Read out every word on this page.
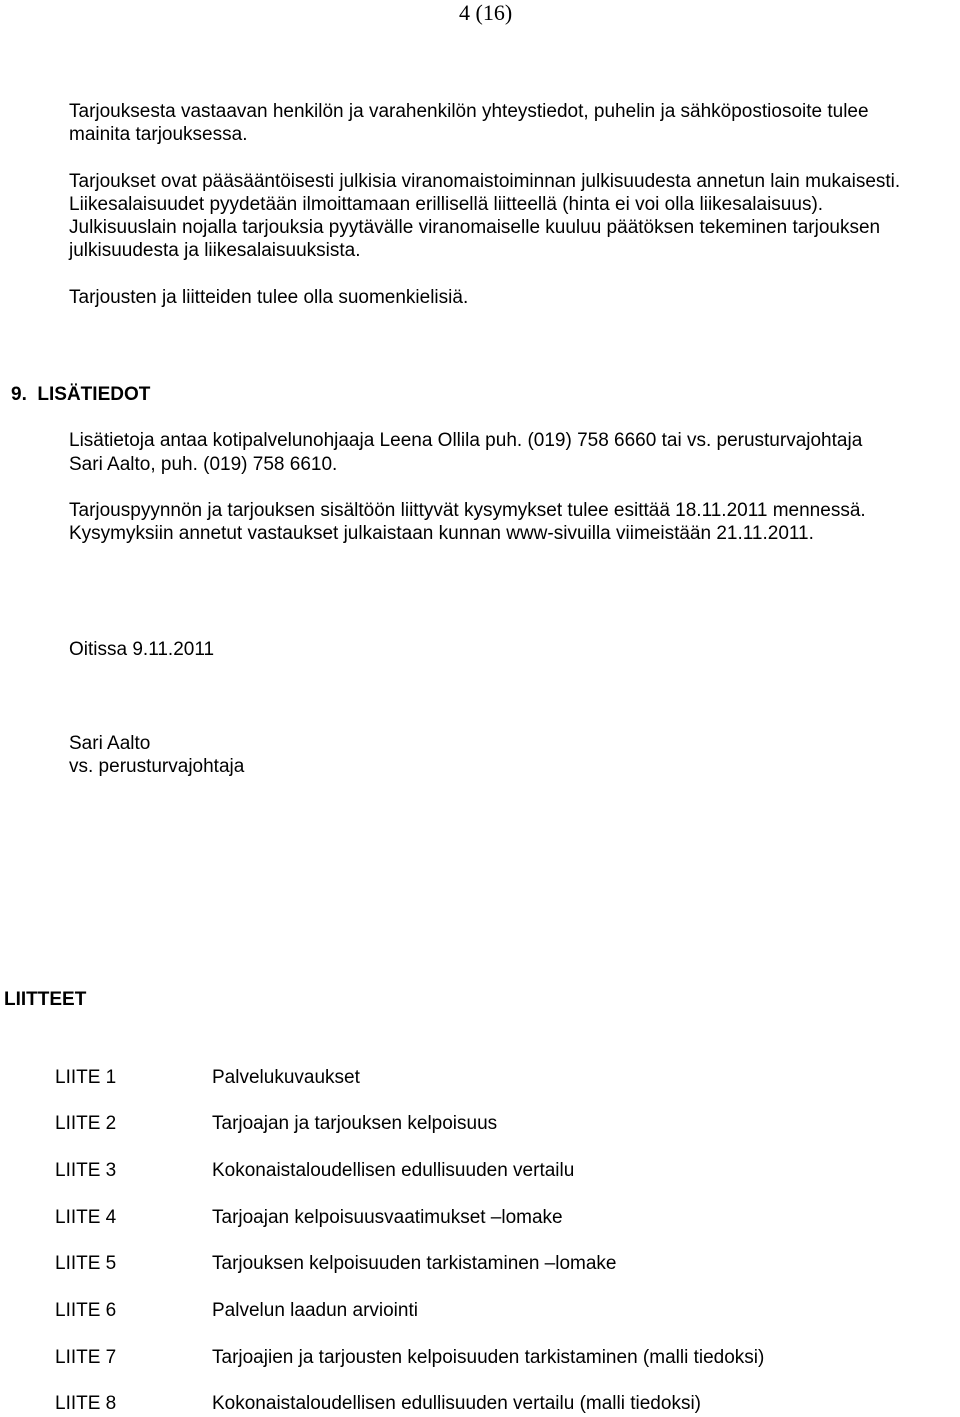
4 (16)
Tarjouksesta vastaavan henkilön ja varahenkilön yhteystiedot, puhelin ja sähköpostiosoite tulee
mainita tarjouksessa.
Tarjoukset ovat pääsääntöisesti julkisia viranomaistoiminnan julkisuudesta annetun lain mukaisesti.
Liikesalaisuudet pyydetään ilmoittamaan erillisellä liitteellä (hinta ei voi olla liikesalaisuus).
Julkisuuslain nojalla tarjouksia pyytävälle viranomaiselle kuuluu päätöksen tekeminen tarjouksen
julkisuudesta ja liikesalaisuuksista.
Tarjousten ja liitteiden tulee olla suomenkielisiä.
9.  LISÄTIEDOT
Lisätietoja antaa kotipalvelunohjaaja Leena Ollila puh. (019) 758 6660 tai vs. perusturvajohtaja
Sari Aalto, puh. (019) 758 6610.
Tarjouspyynnön ja tarjouksen sisältöön liittyvät kysymykset tulee esittää 18.11.2011 mennessä.
Kysymyksiin annetut vastaukset julkaistaan kunnan www-sivuilla viimeistään 21.11.2011.
Oitissa 9.11.2011
Sari Aalto
vs. perusturvajohtaja
LIITTEET
LIITE 1	Palvelukuvaukset
LIITE 2	Tarjoajan ja tarjouksen kelpoisuus
LIITE 3	Kokonaistaloudellisen edullisuuden vertailu
LIITE 4	Tarjoajan kelpoisuusvaatimukset –lomake
LIITE 5	Tarjouksen kelpoisuuden tarkistaminen –lomake
LIITE 6	Palvelun laadun arviointi
LIITE 7	Tarjoajien ja tarjousten kelpoisuuden tarkistaminen (malli tiedoksi)
LIITE 8	Kokonaistaloudellisen edullisuuden vertailu (malli tiedoksi)
